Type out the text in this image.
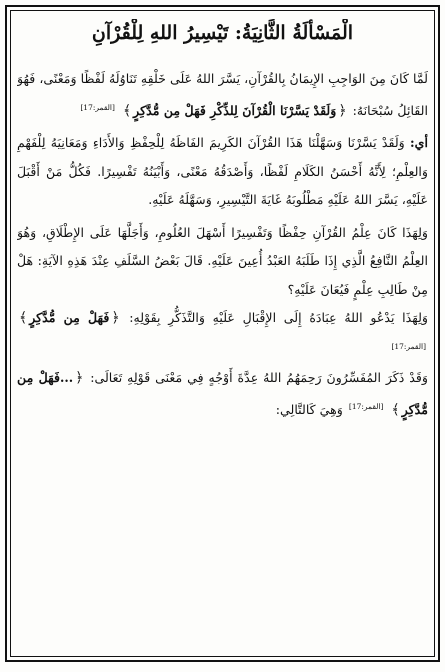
الْمَسْأَلَةُ الثَّانِيَةُ: تَيْسِيرُ اللهِ لِلْقُرْآنِ

لَمَّا كَانَ مِنَ الوَاجِبِ الإِيمَانُ بِالقُرْآنِ، يَسَّرَ اللهُ عَلَى خَلْقِهِ تَنَاوُلَهُ لَفْظًا وَمَعْنًى، فَهُوَ القَائِلُ سُبْحَانَهُ: ﴿وَلَقَدْ يَسَّرْنَا الْقُرْآنَ لِلذِّكْرِ فَهَلْ مِن مُّدَّكِرٍ﴾ [القمر:17]

أي: وَلَقَدْ يَسَّرْنَا وَسَهَّلْنَا هَذَا القُرْآنَ الكَرِيمَ الفَاظَهُ لِلْحِفْظِ وَالأَدَاءِ وَمَعَانِيَهُ لِلْفَهْمِ وَالعِلْمِ؛ لِأَنَّهُ أَحْسَنُ الكَلَامِ لَفْظًا، وَأَصْدَقُهُ مَعْنًى، وَأَبْيَنُهُ تَفْسِيرًا. فَكُلُّ مَنْ أَقْبَلَ عَلَيْهِ، يَسَّرَ اللهُ عَلَيْهِ مَطْلُوبَهُ غَايَةَ التَّيْسِيرِ، وَسَهَّلَهُ عَلَيْهِ.

وَلِهَذَا كَانَ عِلْمُ القُرْآنِ حِفْظًا وَتَفْسِيرًا أَسْهَلَ العُلُومِ، وَأَجَلَّهَا عَلَى الإِطْلَاقِ، وَهُوَ العِلْمُ النَّافِعُ الَّذِي إِذَا طَلَبَهُ العَبْدُ أُعِينَ عَلَيْهِ. قَالَ بَعْضُ السَّلَفِ عِنْدَ هَذِهِ الآيَةِ: هَلْ مِنْ طَالِبِ عِلْمٍ فَيُعَانَ عَلَيْهِ؟

وَلِهَذَا يَدْعُو اللهُ عِبَادَهُ إِلَى الإِقْبَالِ عَلَيْهِ وَالتَّذَكُّرِ بِقَوْلِهِ: ﴿فَهَلْ مِن مُّدَّكِرٍ﴾ [القمر:17]

وَقَدْ ذَكَرَ المُفَسِّرُونَ رَحِمَهُمُ اللهُ عِدَّةَ أَوْجُهٍ فِي مَعْنَى قَوْلِهِ تَعَالَى: ﴿...فَهَلْ مِن مُّدَّكِرٍ﴾ [القمر:17] وَهِيَ كَالتَّالِي:
